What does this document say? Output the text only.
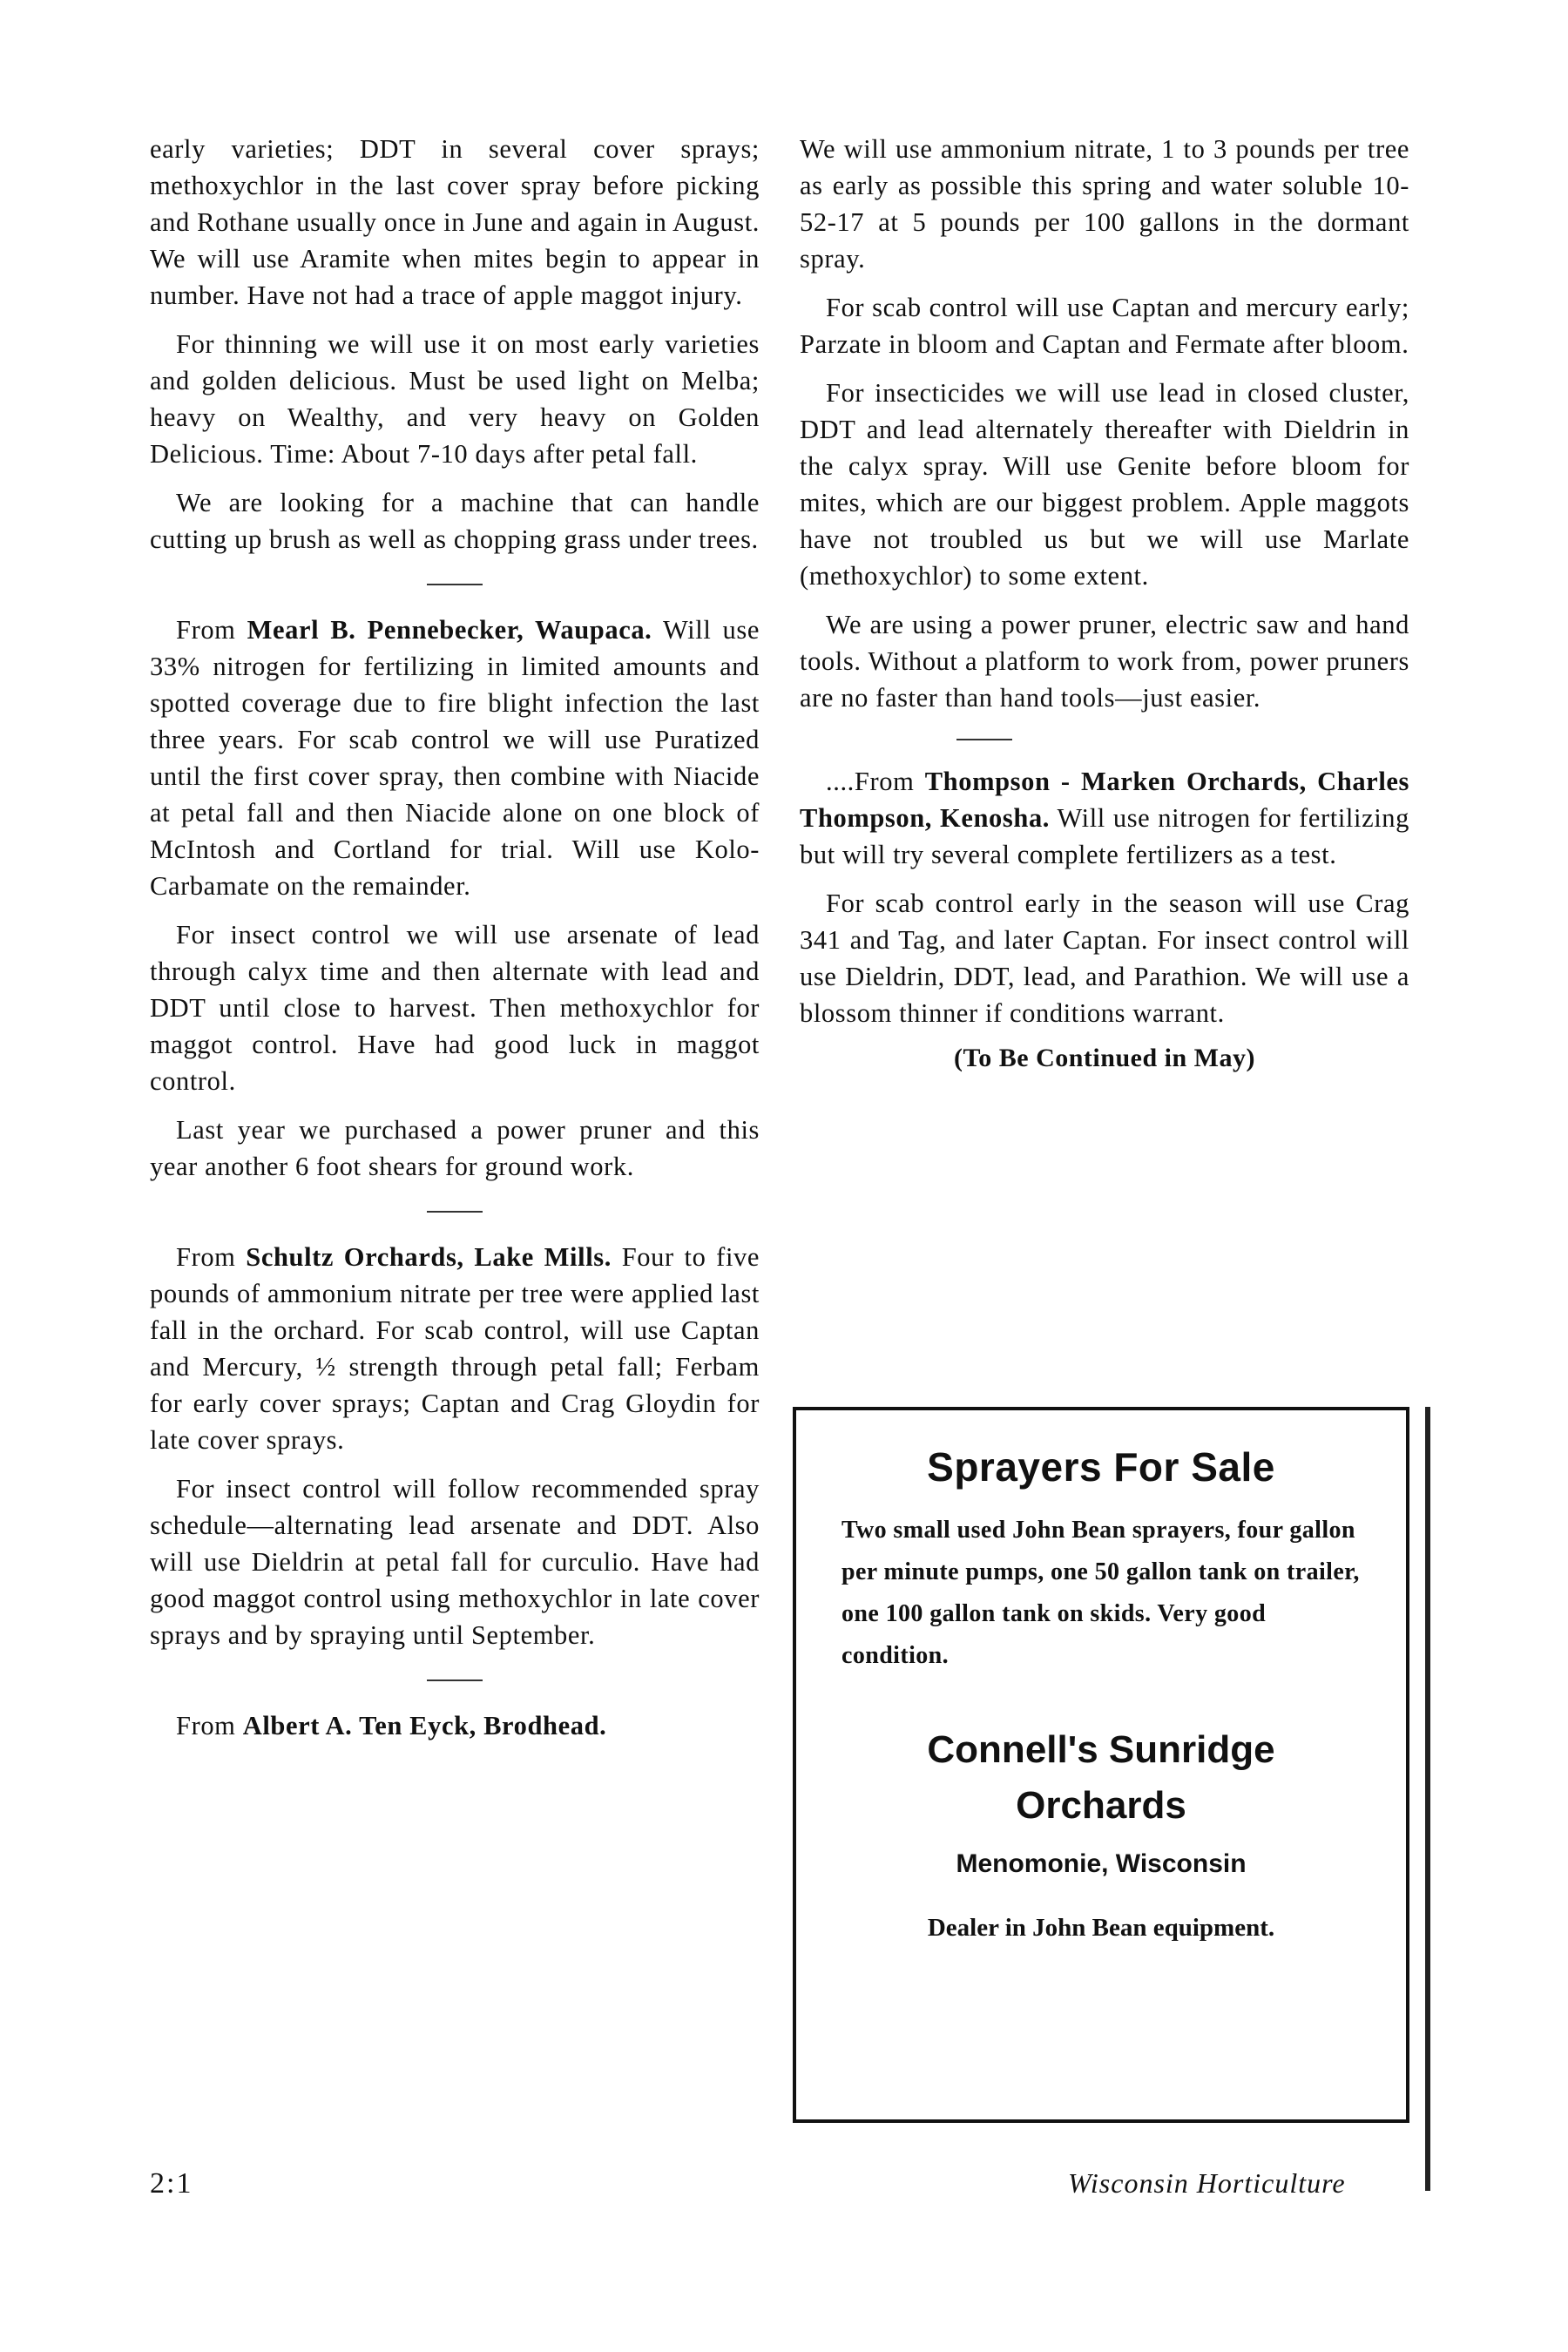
early varieties; DDT in several cover sprays; methoxychlor in the last cover spray before picking and Rothane usually once in June and again in August. We will use Aramite when mites begin to appear in number. Have not had a trace of apple maggot injury.

For thinning we will use it on most early varieties and golden delicious. Must be used light on Melba; heavy on Wealthy, and very heavy on Golden Delicious. Time: About 7-10 days after petal fall.

We are looking for a machine that can handle cutting up brush as well as chopping grass under trees.

From Mearl B. Pennebecker, Waupaca. Will use 33% nitrogen for fertilizing in limited amounts and spotted coverage due to fire blight infection the last three years. For scab control we will use Puratized until the first cover spray, then combine with Niacide at petal fall and then Niacide alone on one block of McIntosh and Cortland for trial. Will use Kolo-Carbamate on the remainder.

For insect control we will use arsenate of lead through calyx time and then alternate with lead and DDT until close to harvest. Then methoxychlor for maggot control. Have had good luck in maggot control.

Last year we purchased a power pruner and this year another 6 foot shears for ground work.

From Schultz Orchards, Lake Mills. Four to five pounds of ammonium nitrate per tree were applied last fall in the orchard. For scab control, will use Captan and Mercury, ½ strength through petal fall; Ferbam for early cover sprays; Captan and Crag Gloydin for late cover sprays.

For insect control will follow recommended spray schedule—alternating lead arsenate and DDT. Also will use Dieldrin at petal fall for curculio. Have had good maggot control using methoxychlor in late cover sprays and by spraying until September.

From Albert A. Ten Eyck, Brodhead.

We will use ammonium nitrate, 1 to 3 pounds per tree as early as possible this spring and water soluble 10-52-17 at 5 pounds per 100 gallons in the dormant spray.

For scab control will use Captan and mercury early; Parzate in bloom and Captan and Fermate after bloom.

For insecticides we will use lead in closed cluster, DDT and lead alternately thereafter with Dieldrin in the calyx spray. Will use Genite before bloom for mites, which are our biggest problem. Apple maggots have not troubled us but we will use Marlate (methoxychlor) to some extent.

We are using a power pruner, electric saw and hand tools. Without a platform to work from, power pruners are no faster than hand tools—just easier.

....From Thompson - Marken Orchards, Charles Thompson, Kenosha. Will use nitrogen for fertilizing but will try several complete fertilizers as a test.

For scab control early in the season will use Crag 341 and Tag, and later Captan. For insect control will use Dieldrin, DDT, lead, and Parathion. We will use a blossom thinner if conditions warrant.

(To Be Continued in May)

Sprayers For Sale
Two small used John Bean sprayers, four gallon per minute pumps, one 50 gallon tank on trailer, one 100 gallon tank on skids. Very good condition.
Connell's Sunridge Orchards
Menomonie, Wisconsin
Dealer in John Bean equipment.
2:1	Wisconsin Horticulture
